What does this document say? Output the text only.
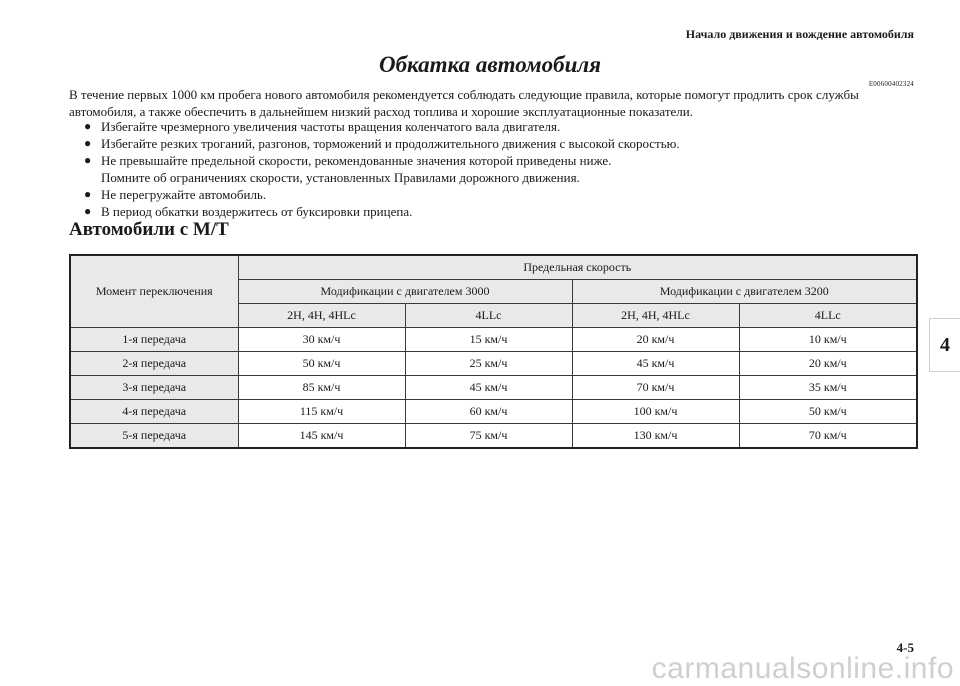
Начало движения и вождение автомобиля
Обкатка автомобиля
E00600402324
В течение первых 1000 км пробега нового автомобиля рекомендуется соблюдать следующие правила, которые помогут продлить срок службы автомобиля, а также обеспечить в дальнейшем низкий расход топлива и хорошие эксплуатационные показатели.
● Избегайте чрезмерного увеличения частоты вращения коленчатого вала двигателя.
● Избегайте резких троганий, разгонов, торможений и продолжительного движения с высокой скоростью.
● Не превышайте предельной скорости, рекомендованные значения которой приведены ниже.
Помните об ограничениях скорости, установленных Правилами дорожного движения.
● Не перегружайте автомобиль.
● В период обкатки воздержитесь от буксировки прицепа.
Автомобили с M/T
Момент переключения	Предельная скорость			
	Модификации с двигателем 3000		Модификации с двигателем 3200	
	2H, 4H, 4HLc	4LLc	2H, 4H, 4HLc	4LLc
1-я передача	30 км/ч	15 км/ч	20 км/ч	10 км/ч
2-я передача	50 км/ч	25 км/ч	45 км/ч	20 км/ч
3-я передача	85 км/ч	45 км/ч	70 км/ч	35 км/ч
4-я передача	115 км/ч	60 км/ч	100 км/ч	50 км/ч
5-я передача	145 км/ч	75 км/ч	130 км/ч	70 км/ч
4
4-5
carmanualsonline.info
